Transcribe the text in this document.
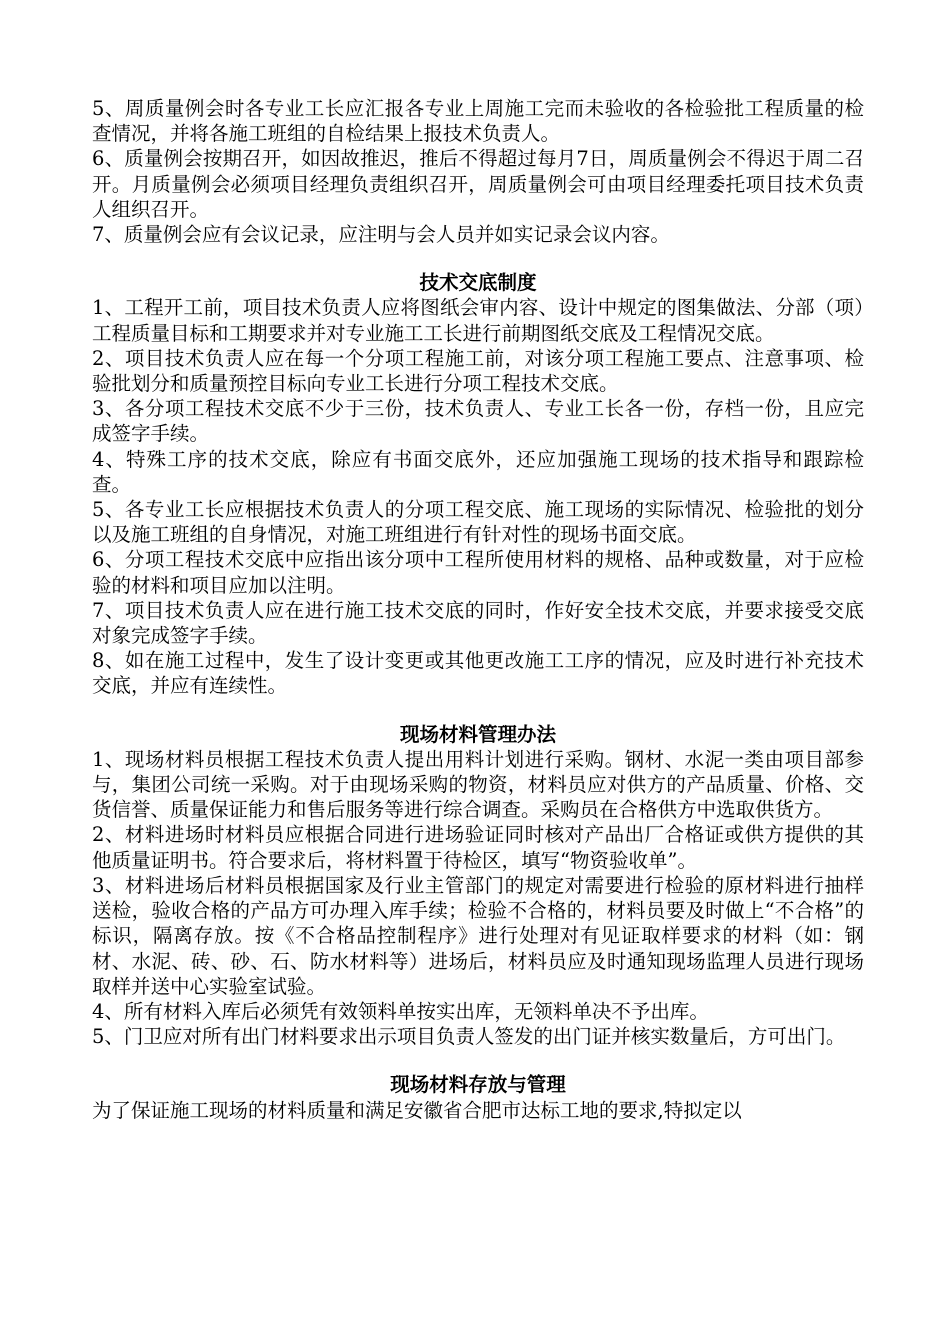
5、周质量例会时各专业工长应汇报各专业上周施工完而未验收的各检验批工程质量的检查情况，并将各施工班组的自检结果上报技术负责人。

6、质量例会按期召开，如因故推迟，推后不得超过每月7日，周质量例会不得迟于周二召开。月质量例会必须项目经理负责组织召开，周质量例会可由项目经理委托项目技术负责人组织召开。

7、质量例会应有会议记录，应注明与会人员并如实记录会议内容。

技术交底制度

1、工程开工前，项目技术负责人应将图纸会审内容、设计中规定的图集做法、分部（项）工程质量目标和工期要求并对专业施工工长进行前期图纸交底及工程情况交底。

2、项目技术负责人应在每一个分项工程施工前，对该分项工程施工要点、注意事项、检验批划分和质量预控目标向专业工长进行分项工程技术交底。

3、各分项工程技术交底不少于三份，技术负责人、专业工长各一份，存档一份，且应完成签字手续。

4、特殊工序的技术交底，除应有书面交底外，还应加强施工现场的技术指导和跟踪检查。

5、各专业工长应根据技术负责人的分项工程交底、施工现场的实际情况、检验批的划分以及施工班组的自身情况，对施工班组进行有针对性的现场书面交底。

6、分项工程技术交底中应指出该分项中工程所使用材料的规格、品种或数量，对于应检验的材料和项目应加以注明。

7、项目技术负责人应在进行施工技术交底的同时，作好安全技术交底，并要求接受交底对象完成签字手续。

8、如在施工过程中，发生了设计变更或其他更改施工工序的情况，应及时进行补充技术交底，并应有连续性。

现场材料管理办法

1、现场材料员根据工程技术负责人提出用料计划进行采购。钢材、水泥一类由项目部参与，集团公司统一采购。对于由现场采购的物资，材料员应对供方的产品质量、价格、交货信誉、质量保证能力和售后服务等进行综合调查。采购员在合格供方中选取供货方。

2、材料进场时材料员应根据合同进行进场验证同时核对产品出厂合格证或供方提供的其他质量证明书。符合要求后，将材料置于待检区，填写“物资验收单”。

3、材料进场后材料员根据国家及行业主管部门的规定对需要进行检验的原材料进行抽样送检，验收合格的产品方可办理入库手续；检验不合格的，材料员要及时做上“不合格”的标识，隔离存放。按《不合格品控制程序》进行处理对有见证取样要求的材料（如：钢材、水泥、砖、砂、石、防水材料等）进场后，材料员应及时通知现场监理人员进行现场取样并送中心实验室试验。

4、所有材料入库后必须凭有效领料单按实出库，无领料单决不予出库。

5、门卫应对所有出门材料要求出示项目负责人签发的出门证并核实数量后，方可出门。

现场材料存放与管理

为了保证施工现场的材料质量和满足安徽省合肥市达标工地的要求,特拟定以
